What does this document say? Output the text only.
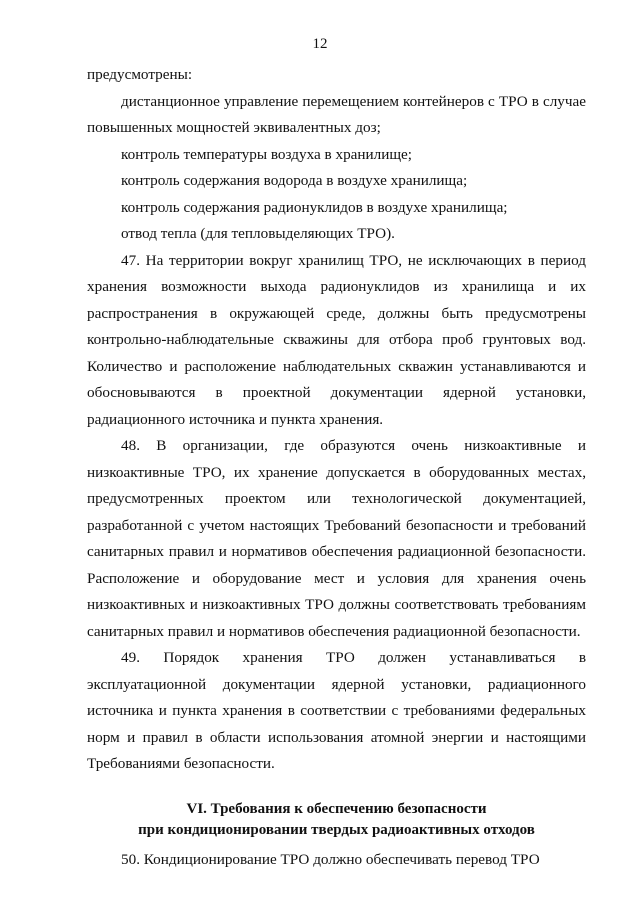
12

предусмотрены:

дистанционное управление перемещением контейнеров с ТРО в случае повышенных мощностей эквивалентных доз;

контроль температуры воздуха в хранилище;

контроль содержания водорода в воздухе хранилища;

контроль содержания радионуклидов в воздухе хранилища;

отвод тепла (для тепловыделяющих ТРО).

47. На территории вокруг хранилищ ТРО, не исключающих в период хранения возможности выхода радионуклидов из хранилища и их распространения в окружающей среде, должны быть предусмотрены контрольно-наблюдательные скважины для отбора проб грунтовых вод. Количество и расположение наблюдательных скважин устанавливаются и обосновываются в проектной документации ядерной установки, радиационного источника и пункта хранения.

48. В организации, где образуются очень низкоактивные и низкоактивные ТРО, их хранение допускается в оборудованных местах, предусмотренных проектом или технологической документацией, разработанной с учетом настоящих Требований безопасности и требований санитарных правил и нормативов обеспечения радиационной безопасности. Расположение и оборудование мест и условия для хранения очень низкоактивных и низкоактивных ТРО должны соответствовать требованиям санитарных правил и нормативов обеспечения радиационной безопасности.

49. Порядок хранения ТРО должен устанавливаться в эксплуатационной документации ядерной установки, радиационного источника и пункта хранения в соответствии с требованиями федеральных норм и правил в области использования атомной энергии и настоящими Требованиями безопасности.

VI. Требования к обеспечению безопасности
при кондиционировании твердых радиоактивных отходов

50. Кондиционирование ТРО должно обеспечивать перевод ТРО
